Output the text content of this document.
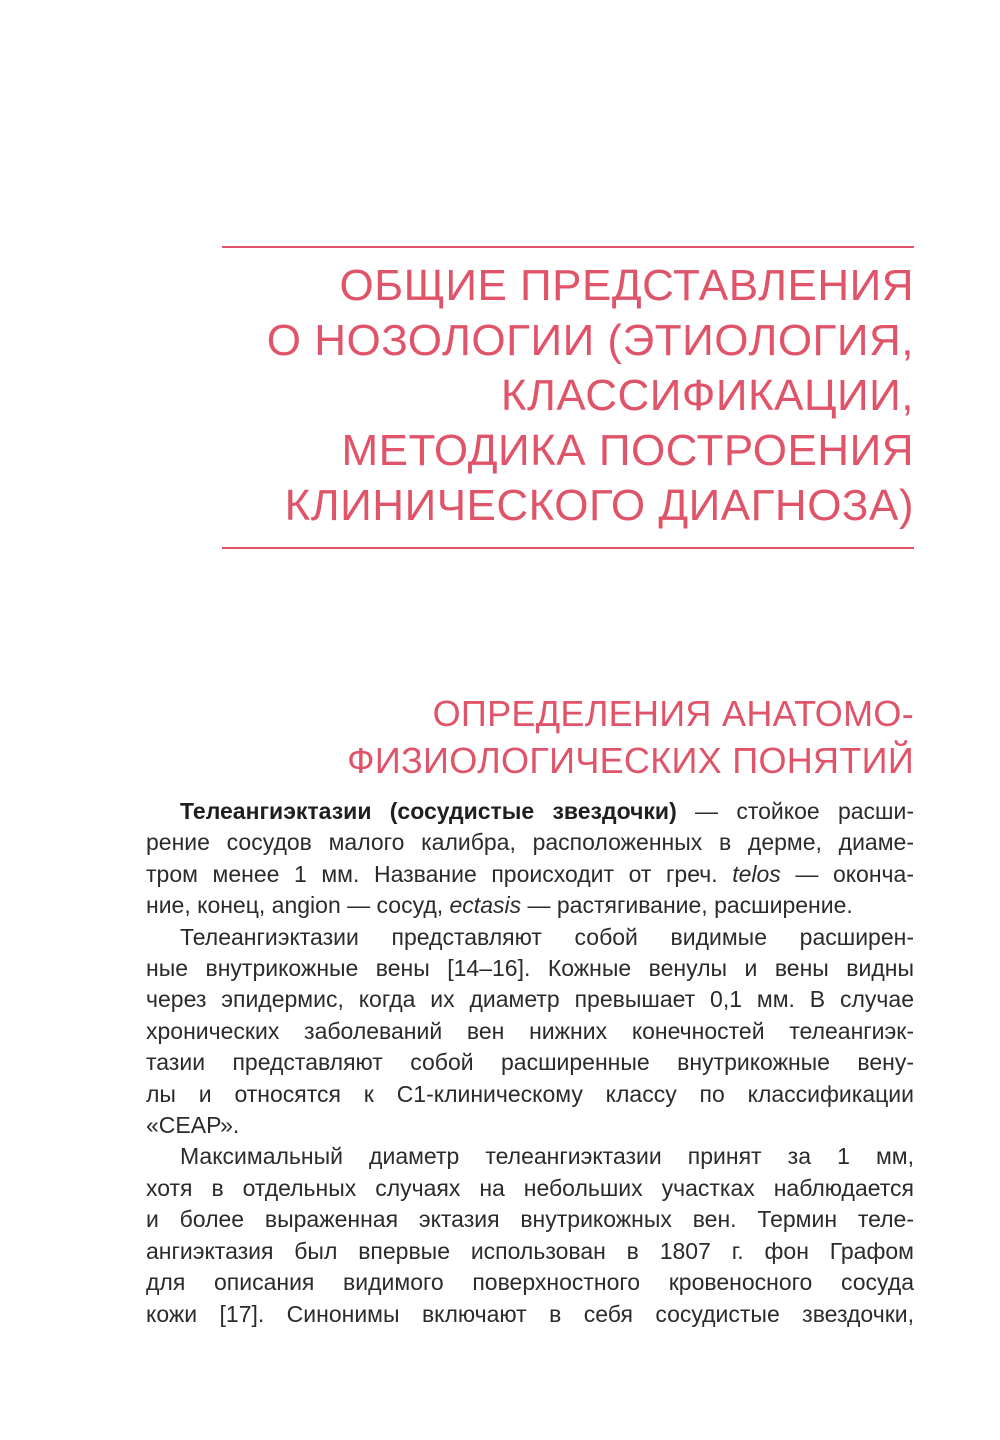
ОБЩИЕ ПРЕДСТАВЛЕНИЯ
О НОЗОЛОГИИ (ЭТИОЛОГИЯ,
КЛАССИФИКАЦИИ,
МЕТОДИКА ПОСТРОЕНИЯ
КЛИНИЧЕСКОГО ДИАГНОЗА)
ОПРЕДЕЛЕНИЯ АНАТОМО-
ФИЗИОЛОГИЧЕСКИХ ПОНЯТИЙ
Телеангиэктазии (сосудистые звездочки) — стойкое расши-
рение сосудов малого калибра, расположенных в дерме, диаме-
тром менее 1 мм. Название происходит от греч. telos — оконча-
ние, конец, angion — сосуд, ectasis — растягивание, расширение.
Телеангиэктазии представляют собой видимые расширен-
ные внутрикожные вены [14–16]. Кожные венулы и вены видны
через эпидермис, когда их диаметр превышает 0,1 мм. В случае
хронических заболеваний вен нижних конечностей телеангиэк-
тазии представляют собой расширенные внутрикожные вену-
лы и относятся к С1-клиническому классу по классификации
«СЕАР».
Максимальный диаметр телеангиэктазии принят за 1 мм,
хотя в отдельных случаях на небольших участках наблюдается
и более выраженная эктазия внутрикожных вен. Термин теле-
ангиэктазия был впервые использован в 1807 г. фон Графом
для описания видимого поверхностного кровеносного сосуда
кожи [17]. Синонимы включают в себя сосудистые звездочки,
